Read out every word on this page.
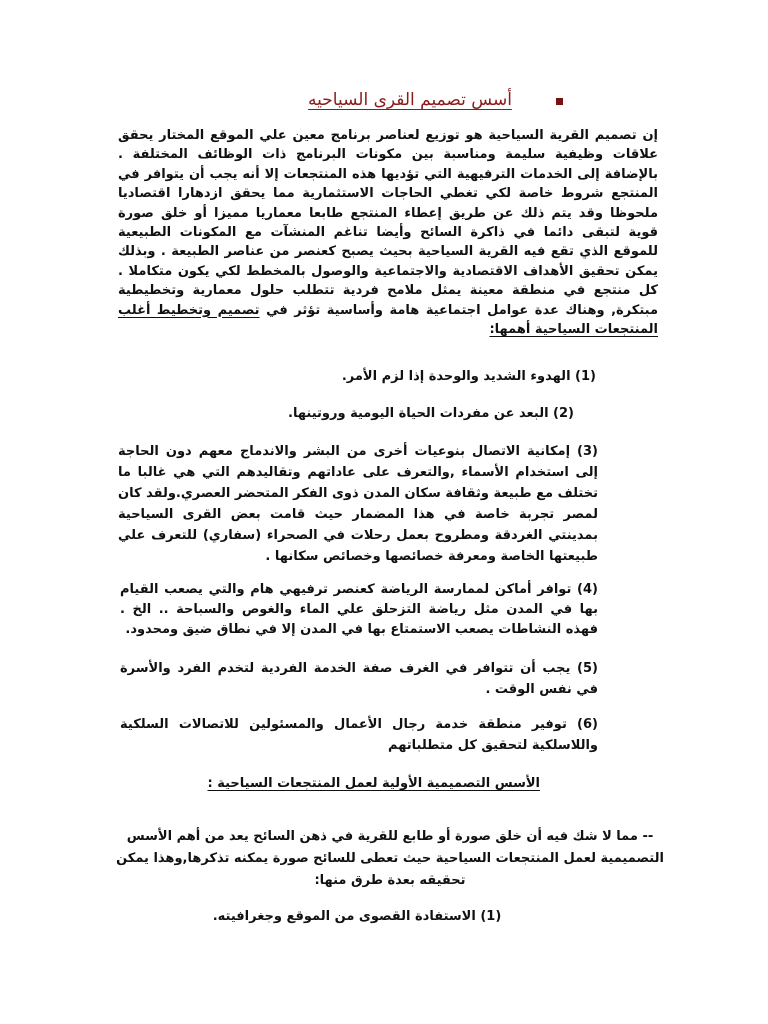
أسس تصميم القرى السياحيه
إن تصميم القرية السياحية هو توزيع لعناصر برنامج معين علي الموقع المختار يحقق علاقات وظيفية سليمة ومناسبة بين مكونات البرنامج ذات الوظائف المختلفة . بالإضافة إلى الخدمات الترفيهية التي تؤديها هذه المنتجعات إلا أنه يجب أن يتوافر في المنتجع شروط خاصة لكي تغطي الحاجات الاستثمارية مما يحقق ازدهارا اقتصاديا ملحوظا وقد يتم ذلك عن طريق إعطاء المنتجع طابعا معماريا مميزا أو خلق صورة قوية لتبقى دائما في ذاكرة السائح وأيضا تناغم المنشآت مع المكونات الطبيعية للموقع الذي تقع فيه القرية السياحية بحيث يصبح كعنصر من عناصر الطبيعة . وبذلك يمكن تحقيق الأهداف الاقتصادية والاجتماعية والوصول بالمخطط لكي يكون متكاملا . كل منتجع في منطقة معينة يمثل ملامح فردية تتطلب حلول معمارية وتخطيطية مبتكرة, وهناك عدة عوامل اجتماعية هامة وأساسية تؤثر في تصميم وتخطيط أغلب المنتجعات السياحية أهمها:
(1) الهدوء الشديد والوحدة إذا لزم الأمر.
(2) البعد عن مفردات الحياة اليومية وروتينها.
(3) إمكانية الاتصال بنوعيات أخرى من البشر والاندماج معهم دون الحاجة إلى استخدام الأسماء ,والتعرف على عاداتهم وتقاليدهم التي هي غالبا ما تختلف مع طبيعة وثقافة سكان المدن ذوى الفكر المتحضر العصري.ولقد كان لمصر تجربة خاصة في هذا المضمار حيث قامت بعض القرى السياحية بمدينتي الغردقة ومطروح بعمل رحلات في الصحراء (سفاري) للتعرف علي طبيعتها الخاصة ومعرفة خصائصها وخصائص سكانها .
(4) توافر أماكن لممارسة الرياضة كعنصر ترفيهي هام والتي يصعب القيام بها في المدن مثل رياضة التزحلق علي الماء والغوص والسباحة .. الخ . فهذه النشاطات يصعب الاستمتاع بها في المدن إلا في نطاق ضيق ومحدود.
(5) يجب أن تتوافر في الغرف صفة الخدمة الفردية لتخدم الفرد والأسرة في نفس الوقت .
(6) توفير منطقة خدمة رجال الأعمال والمسئولين للاتصالات السلكية واللاسلكية لتحقيق كل متطلباتهم
الأسس التصميمية الأولية لعمل المنتجعات السياحية :
-- مما لا شك فيه أن خلق صورة أو طابع للقرية في ذهن السائح يعد من أهم الأسس التصميمية لعمل المنتجعات السياحية حيث تعطى للسائح صورة يمكنه تذكرها,وهذا يمكن تحقيقه بعدة طرق منها:
(1) الاستفادة القصوى من الموقع وجغرافيته.
